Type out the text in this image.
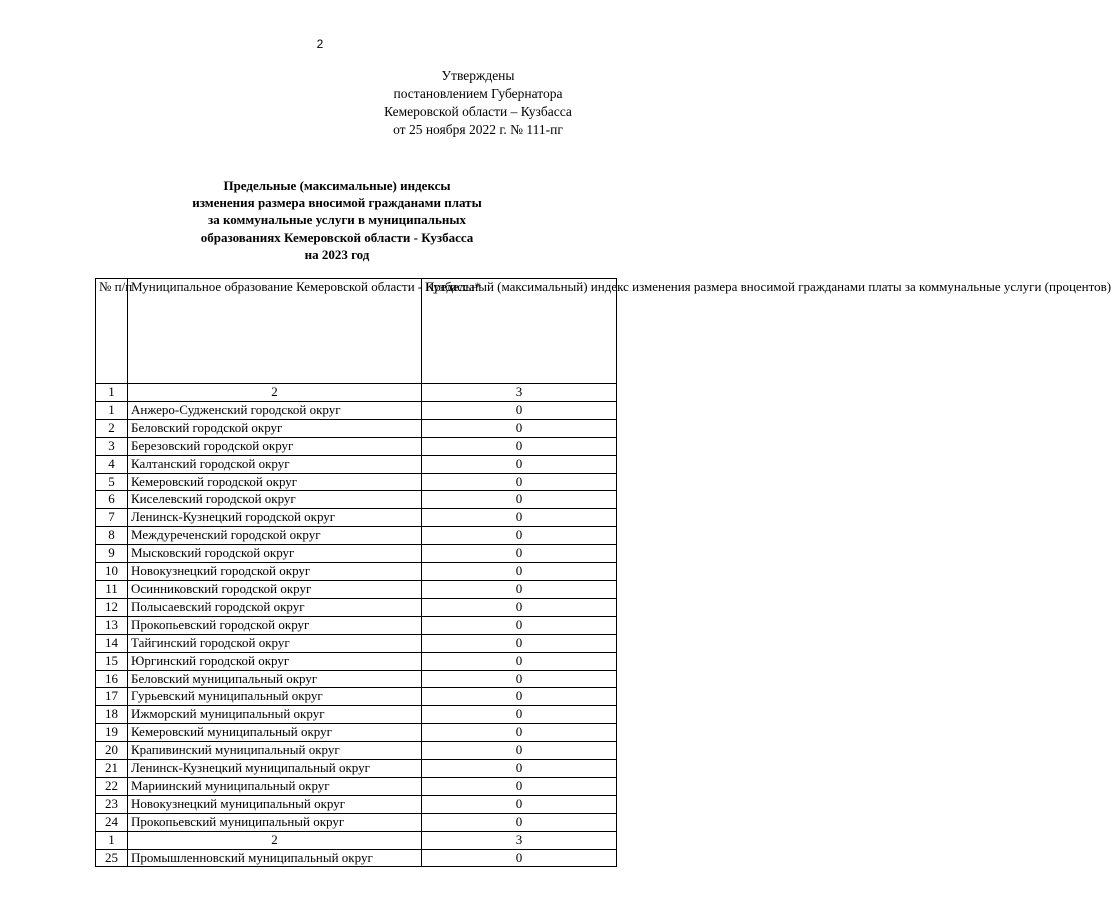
2
Утверждены
постановлением Губернатора
Кемеровской области – Кузбасса
от 25 ноября 2022 г. № 111-пг
Предельные (максимальные) индексы
изменения размера вносимой гражданами платы
за коммунальные услуги в муниципальных
образованиях Кемеровской области - Кузбасса
на 2023 год
№ п/п	Муниципальное образование Кемеровской области - Кузбасса*	Предельный (максимальный) индекс изменения размера вносимой гражданами платы за коммунальные услуги (процентов)
1	2	3
1	Анжеро-Судженский городской округ	0
2	Беловский городской округ	0
3	Березовский городской округ	0
4	Калтанский городской округ	0
5	Кемеровский городской округ	0
6	Киселевский городской округ	0
7	Ленинск-Кузнецкий городской округ	0
8	Междуреченский городской округ	0
9	Мысковский городской округ	0
10	Новокузнецкий городской округ	0
11	Осинниковский городской округ	0
12	Полысаевский городской округ	0
13	Прокопьевский городской округ	0
14	Тайгинский городской округ	0
15	Юргинский городской округ	0
16	Беловский муниципальный округ	0
17	Гурьевский муниципальный округ	0
18	Ижморский муниципальный округ	0
19	Кемеровский муниципальный округ	0
20	Крапивинский муниципальный округ	0
21	Ленинск-Кузнецкий муниципальный округ	0
22	Мариинский муниципальный округ	0
23	Новокузнецкий муниципальный округ	0
24	Прокопьевский муниципальный округ	0
1	2	3
25	Промышленновский муниципальный округ	0
